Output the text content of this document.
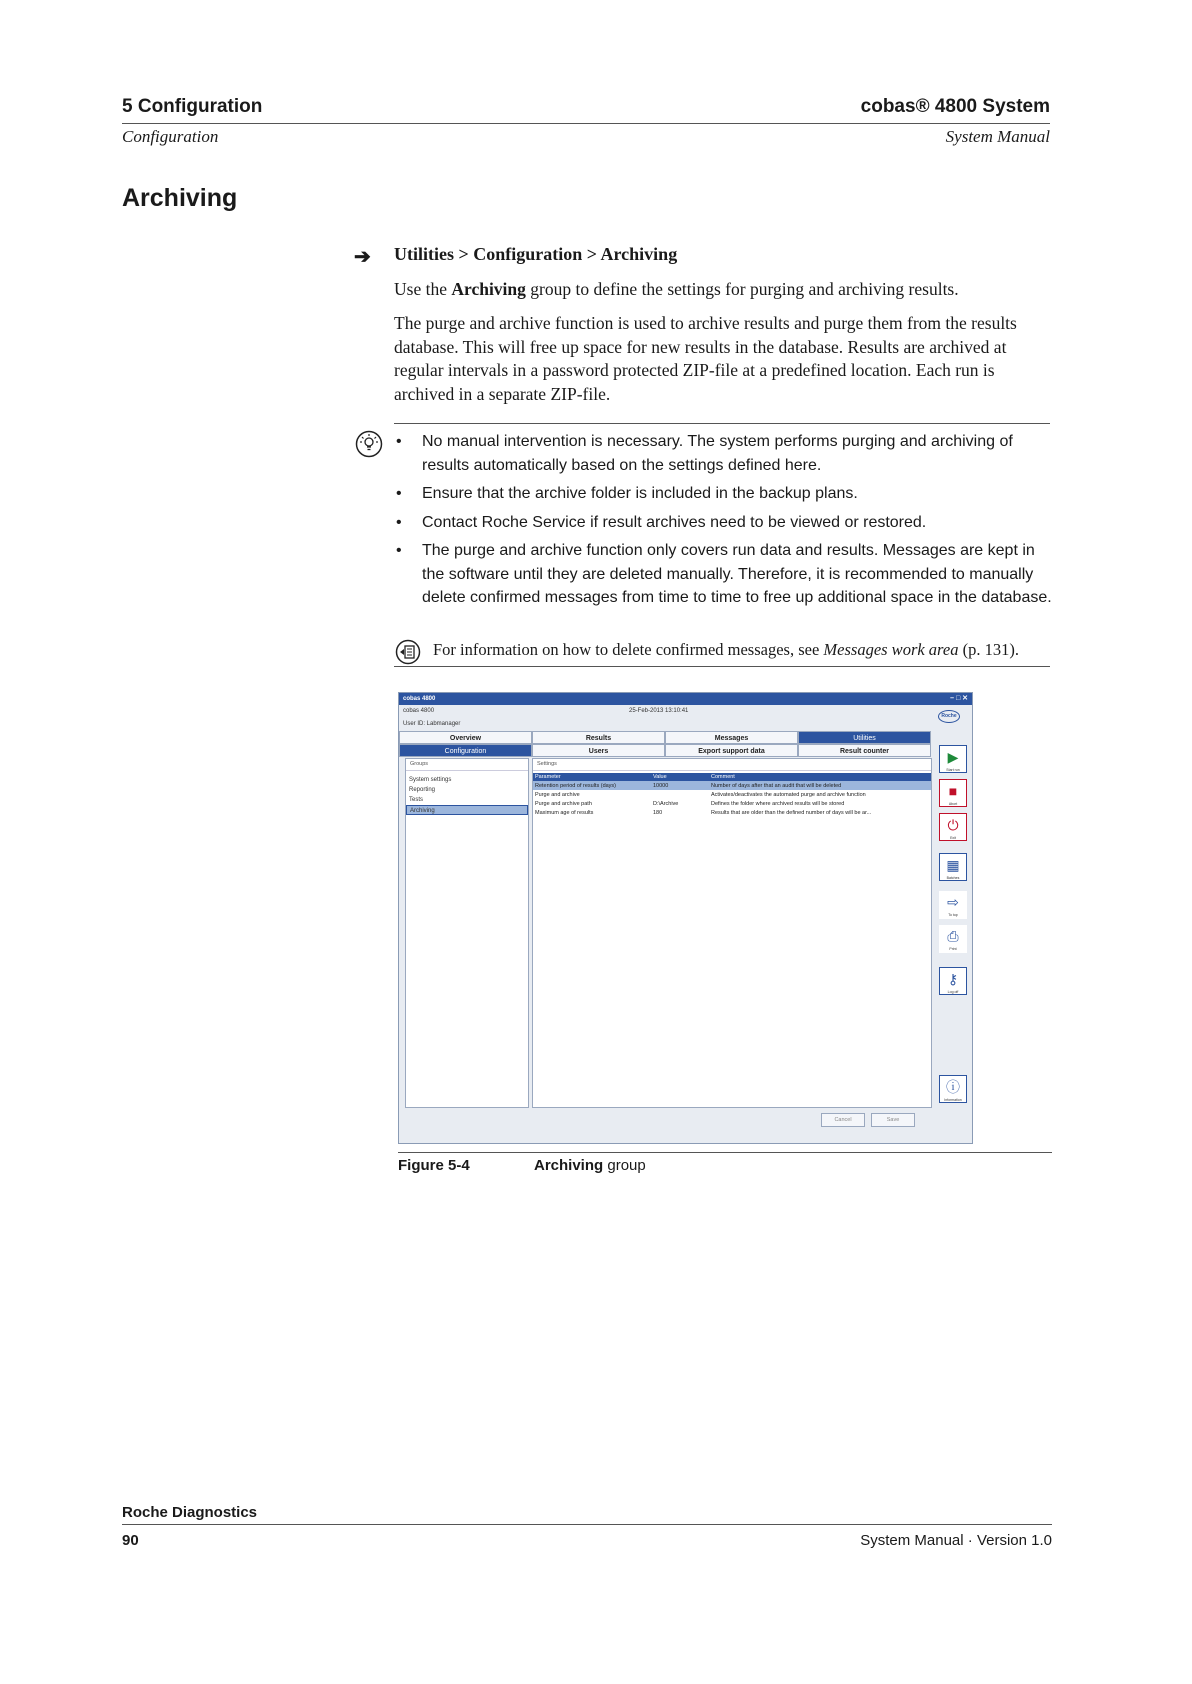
5 Configuration	cobas® 4800 System
Configuration	System Manual
Archiving
➔ Utilities > Configuration > Archiving
Use the Archiving group to define the settings for purging and archiving results.
The purge and archive function is used to archive results and purge them from the results database. This will free up space for new results in the database. Results are archived at regular intervals in a password protected ZIP-file at a predefined location. Each run is archived in a separate ZIP-file.
• No manual intervention is necessary. The system performs purging and archiving of results automatically based on the settings defined here.
• Ensure that the archive folder is included in the backup plans.
• Contact Roche Service if result archives need to be viewed or restored.
• The purge and archive function only covers run data and results. Messages are kept in the software until they are deleted manually. Therefore, it is recommended to manually delete confirmed messages from time to time to free up additional space in the database.
For information on how to delete confirmed messages, see Messages work area (p. 131).
cobas 4800	– □ ✕
cobas 4800	25-Feb-2013 13:10:41
User ID: Labmanager
Roche
Overview	Results	Messages	Utilities
Configuration	Users	Export support data	Result counter
Groups
System settings
Reporting
Tests
Archiving
Settings
Parameter	Value	Comment
Retention period of results (days)	10000	Number of days after that an audit that will be deleted
Purge and archive		Activates/deactivates the automated purge and archive function
Purge and archive path	D:\Archive	Defines the folder where archived results will be stored
Maximum age of results	180	Results that are older than the defined number of days will be ar...
Cancel	Save
▶
Start run
■
Abort
⏻
Exit
▦
Batches
⇨
To top
⎙
Print
⚷
Log off
ⓘ
Information
Figure 5-4	Archiving group
Roche Diagnostics
90	System Manual · Version 1.0
